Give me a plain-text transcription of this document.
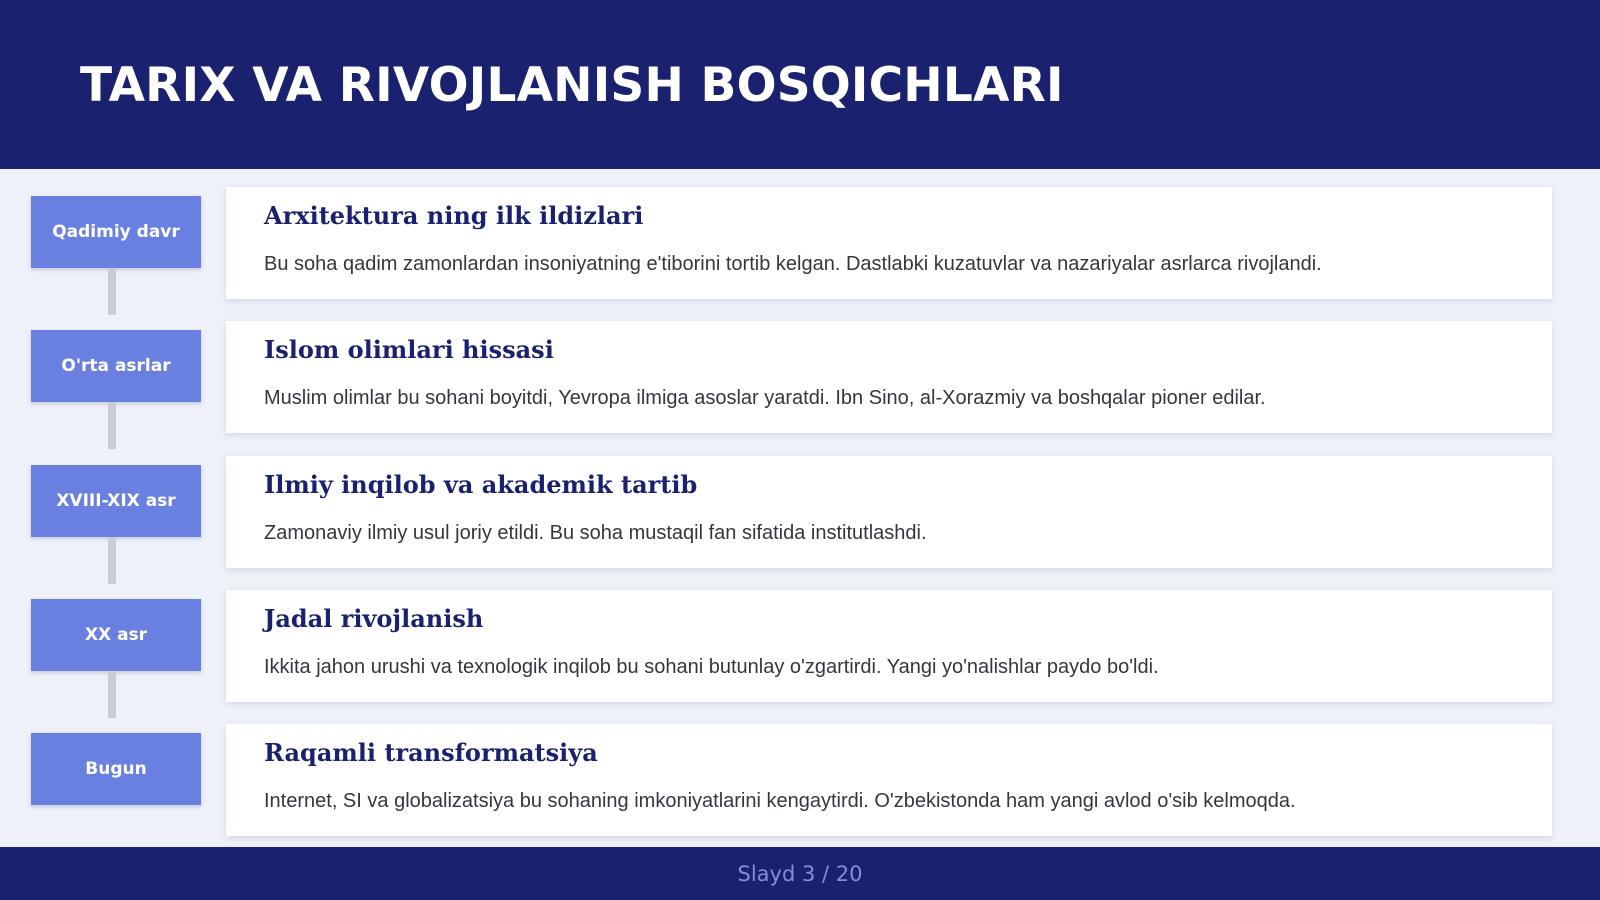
TARIX VA RIVOJLANISH BOSQICHLARI
Qadimiy davr
Arxitektura ning ilk ildizlari
Bu soha qadim zamonlardan insoniyatning e'tiborini tortib kelgan. Dastlabki kuzatuvlar va nazariyalar asrlarca rivojlandi.
O'rta asrlar
Islom olimlari hissasi
Muslim olimlar bu sohani boyitdi, Yevropa ilmiga asoslar yaratdi. Ibn Sino, al-Xorazmiy va boshqalar pioner edilar.
XVIII-XIX asr
Ilmiy inqilob va akademik tartib
Zamonaviy ilmiy usul joriy etildi. Bu soha mustaqil fan sifatida institutlashdi.
XX asr
Jadal rivojlanish
Ikkita jahon urushi va texnologik inqilob bu sohani butunlay o'zgartirdi. Yangi yo'nalishlar paydo bo'ldi.
Bugun
Raqamli transformatsiya
Internet, SI va globalizatsiya bu sohaning imkoniyatlarini kengaytirdi. O'zbekistonda ham yangi avlod o'sib kelmoqda.
Slayd 3 / 20
